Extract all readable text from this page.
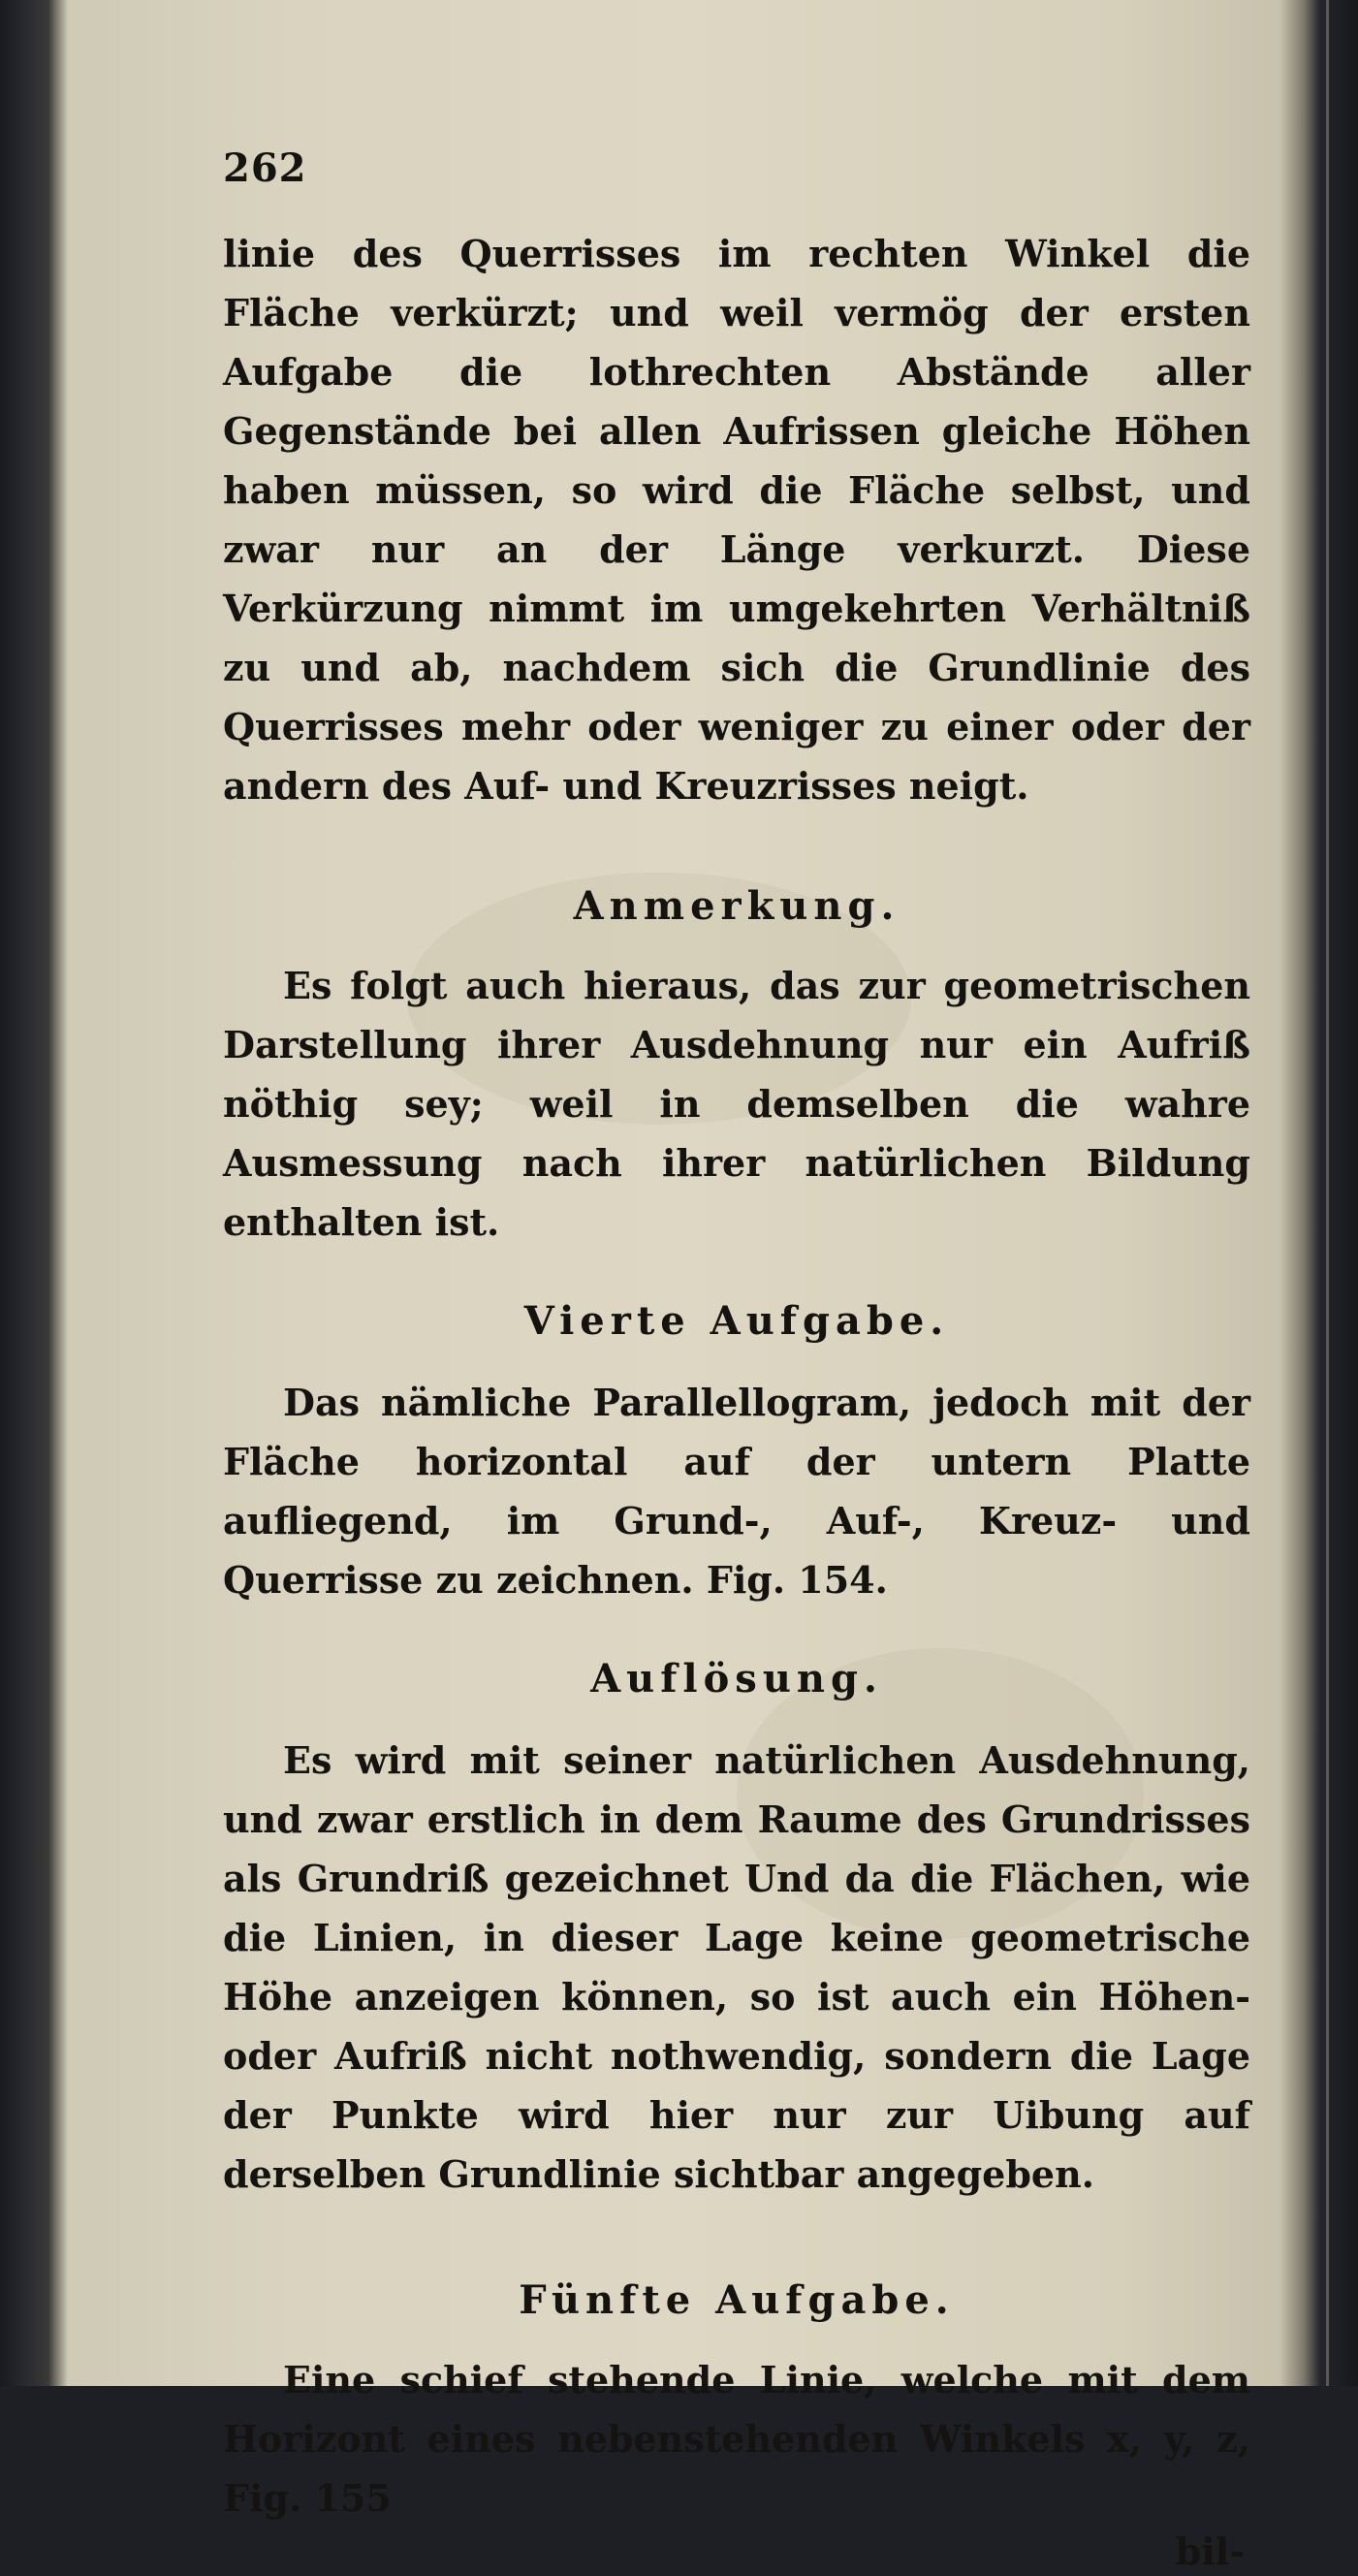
262

linie des Querrisses im rechten Winkel die Fläche verkürzt; und weil vermög der ersten Aufgabe die lothrechten Abstände aller Gegenstände bei allen Aufrissen gleiche Höhen haben müssen, so wird die Fläche selbst, und zwar nur an der Länge verkurzt. Diese Verkürzung nimmt im umgekehrten Verhältniß zu und ab, nachdem sich die Grundlinie des Querrisses mehr oder weniger zu einer oder der andern des Auf- und Kreuzrisses neigt.

Anmerkung.

Es folgt auch hieraus, das zur geometrischen Darstellung ihrer Ausdehnung nur ein Aufriß nöthig sey; weil in demselben die wahre Ausmessung nach ihrer natürlichen Bildung enthalten ist.

Vierte Aufgabe.

Das nämliche Parallellogram, jedoch mit der Fläche horizontal auf der untern Platte aufliegend, im Grund-, Auf-, Kreuz- und Querrisse zu zeichnen. Fig. 154.

Auflösung.

Es wird mit seiner natürlichen Ausdehnung, und zwar erstlich in dem Raume des Grundrisses als Grundriß gezeichnet Und da die Flächen, wie die Linien, in dieser Lage keine geometrische Höhe anzeigen können, so ist auch ein Höhen- oder Aufriß nicht nothwendig, sondern die Lage der Punkte wird hier nur zur Uibung auf derselben Grundlinie sichtbar angegeben.

Fünfte Aufgabe.

Eine schief stehende Linie, welche mit dem Horizont eines nebenstehenden Winkels x, y, z, Fig. 155

bil-
